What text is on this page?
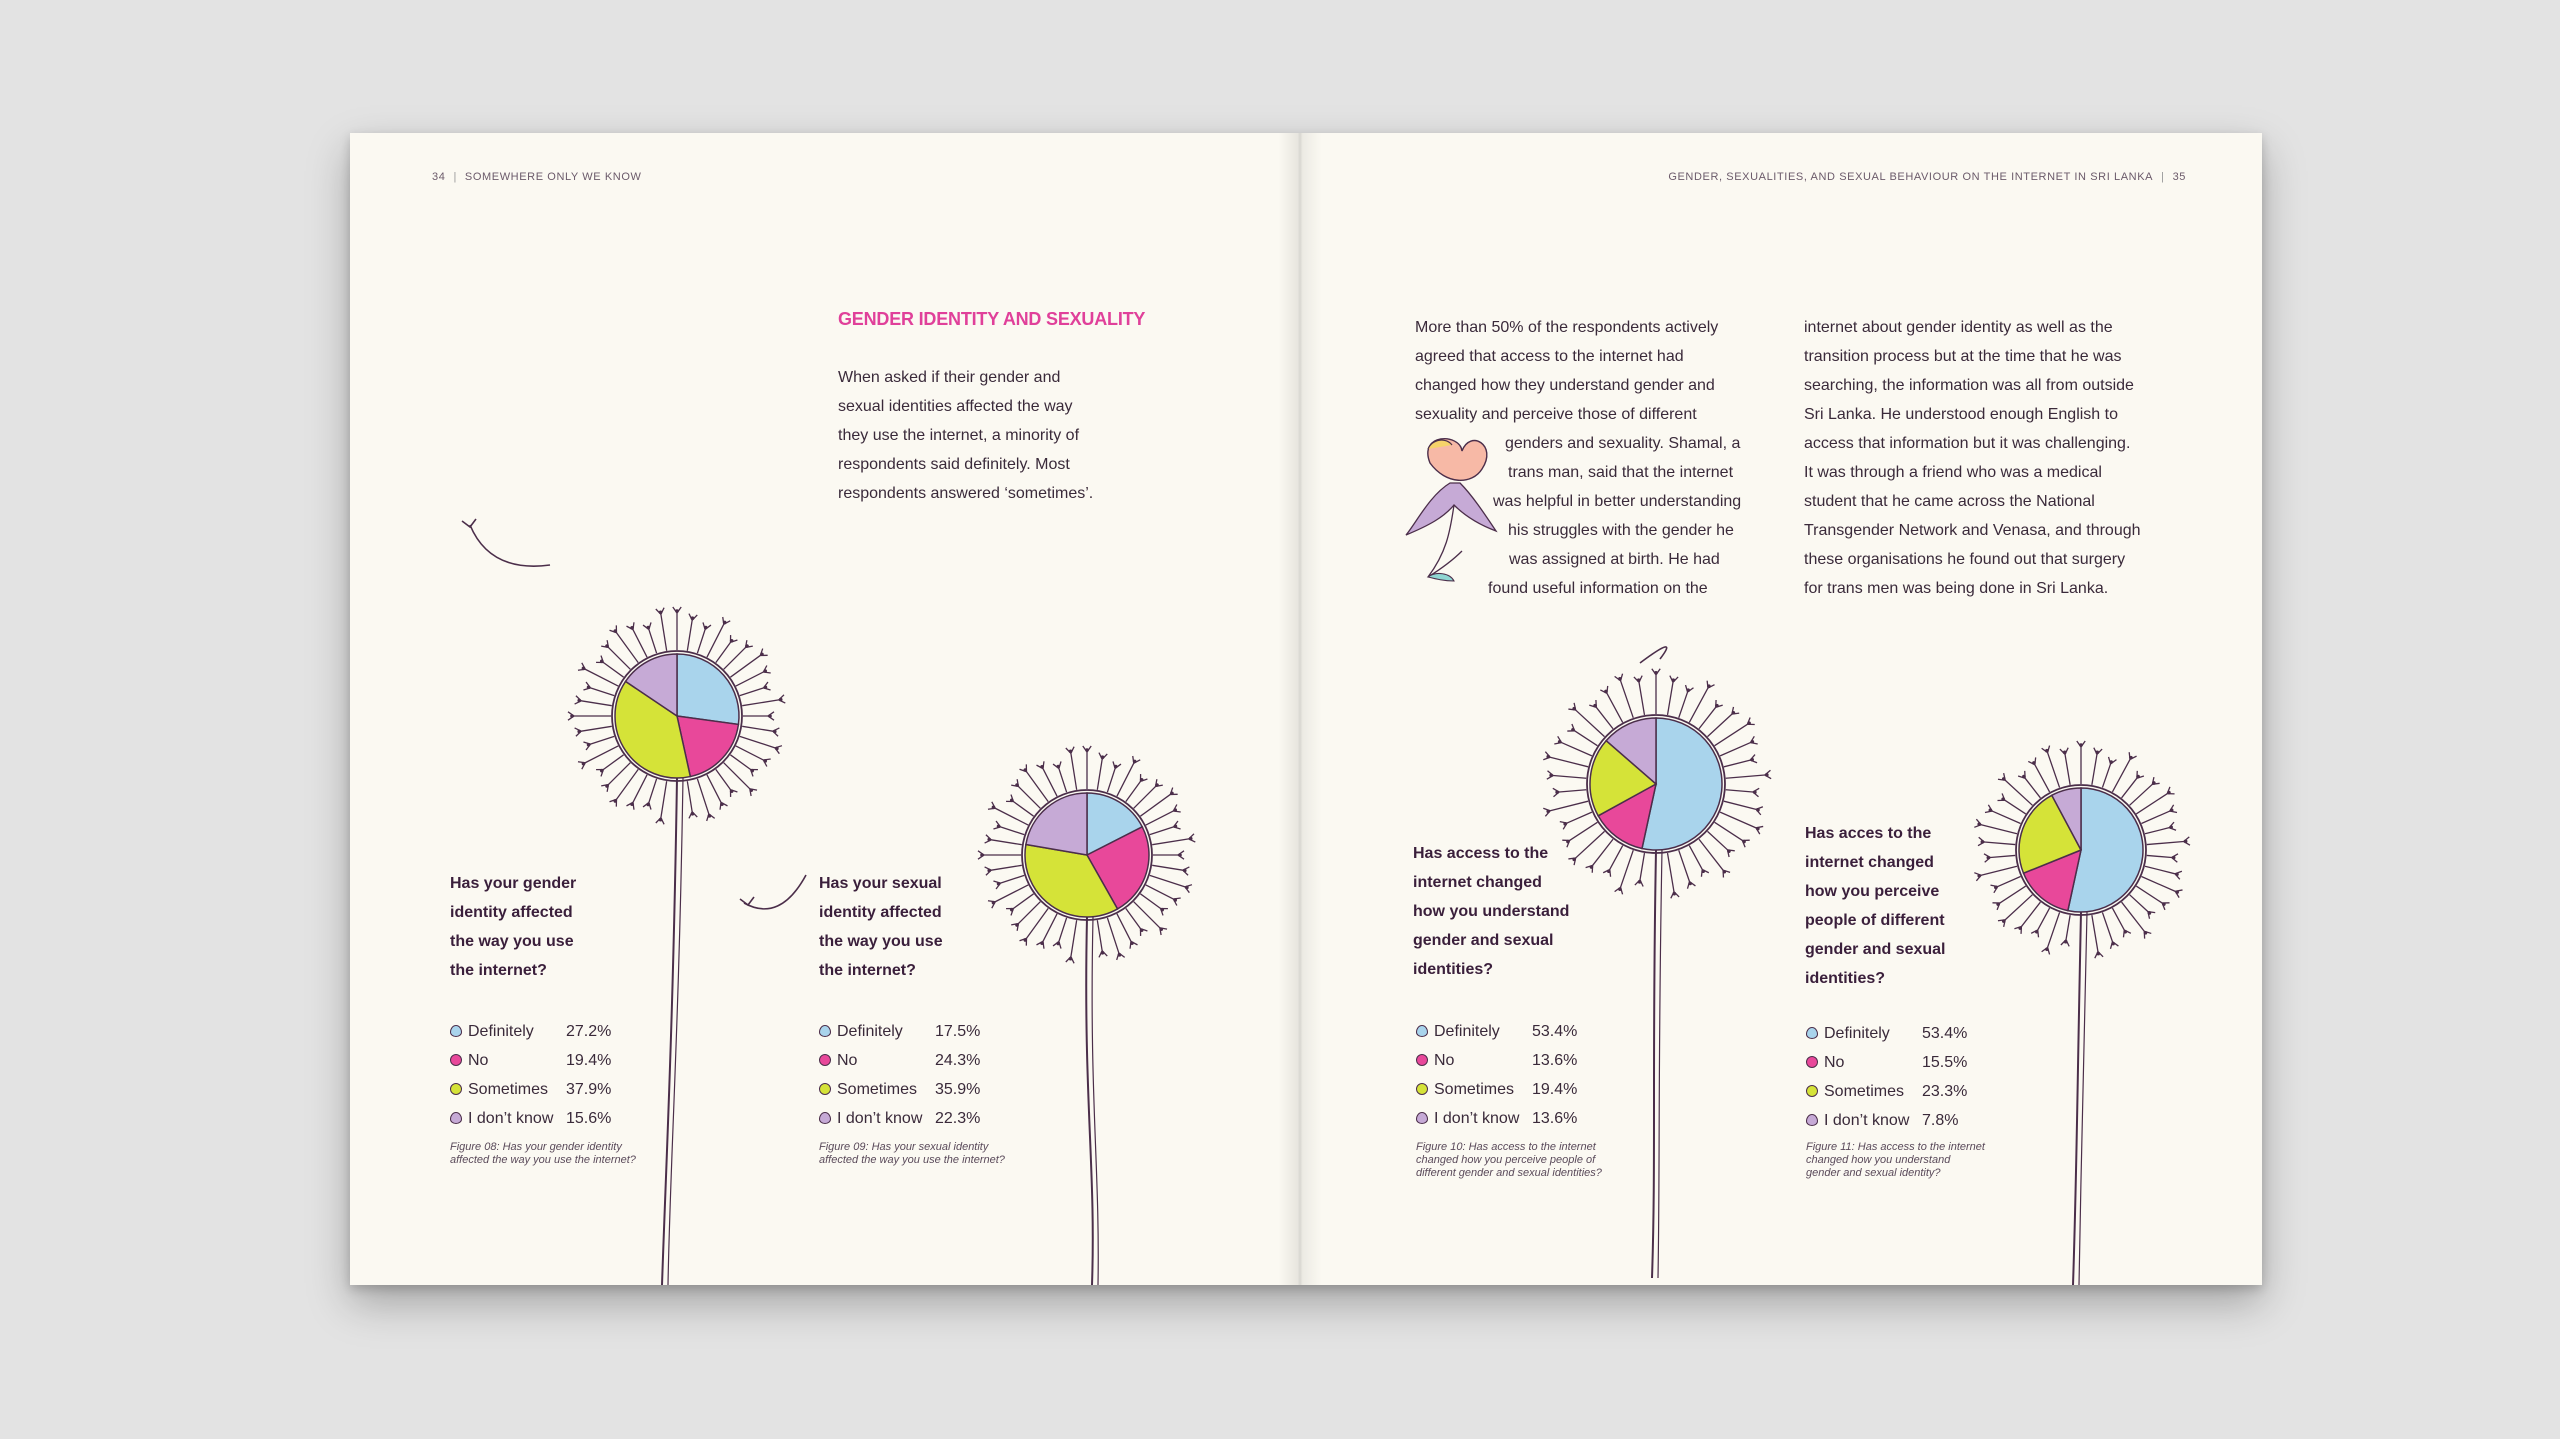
34 | SOMEWHERE ONLY WE KNOW
GENDER IDENTITY AND SEXUALITY

When asked if their gender and

sexual identities affected the way

they use the internet, a minority of

respondents said definitely. Most

respondents answered ‘sometimes’.

Has your gender
identity affected
the way you use
the internet?
Definitely 27.2%
No	19.4%
Sometimes 37.9%
I don’t know 15.6%
Figure 08: Has your gender identity
affected the way you use the internet?
Has your sexual
identity affected
the way you use
the internet?
Definitely 17.5%
No	24.3%
Sometimes 35.9%
I don’t know 22.3%
Figure 09: Has your sexual identity
affected the way you use the internet?
GENDER, SEXUALITIES, AND SEXUAL BEHAVIOUR ON THE INTERNET IN SRI LANKA | 35

More than 50% of the respondents actively

agreed that access to the internet had

changed how they understand gender and

sexuality and perceive those of different

genders and sexuality. Shamal, a

trans man, said that the internet

was helpful in better understanding

his struggles with the gender he

was assigned at birth. He had

found useful information on the

internet about gender identity as well as the

transition process but at the time that he was

searching, the information was all from outside

Sri Lanka. He understood enough English to

access that information but it was challenging.

It was through a friend who was a medical

student that he came across the National

Transgender Network and Venasa, and through

these organisations he found out that surgery

for trans men was being done in Sri Lanka.

Has access to the
internet changed
how you understand
gender and sexual
identities?
Definitely 53.4%
No	13.6%
Sometimes 19.4%
I don’t know 13.6%
Figure 10: Has access to the internet
changed how you perceive people of
different gender and sexual identities?
Has acces to the
internet changed
how you perceive
people of different
gender and sexual
identities?
Definitely 53.4%
No	15.5%
Sometimes 23.3%
I don’t know 7.8%
Figure 11: Has access to the internet
changed how you understand
gender and sexual identity?
